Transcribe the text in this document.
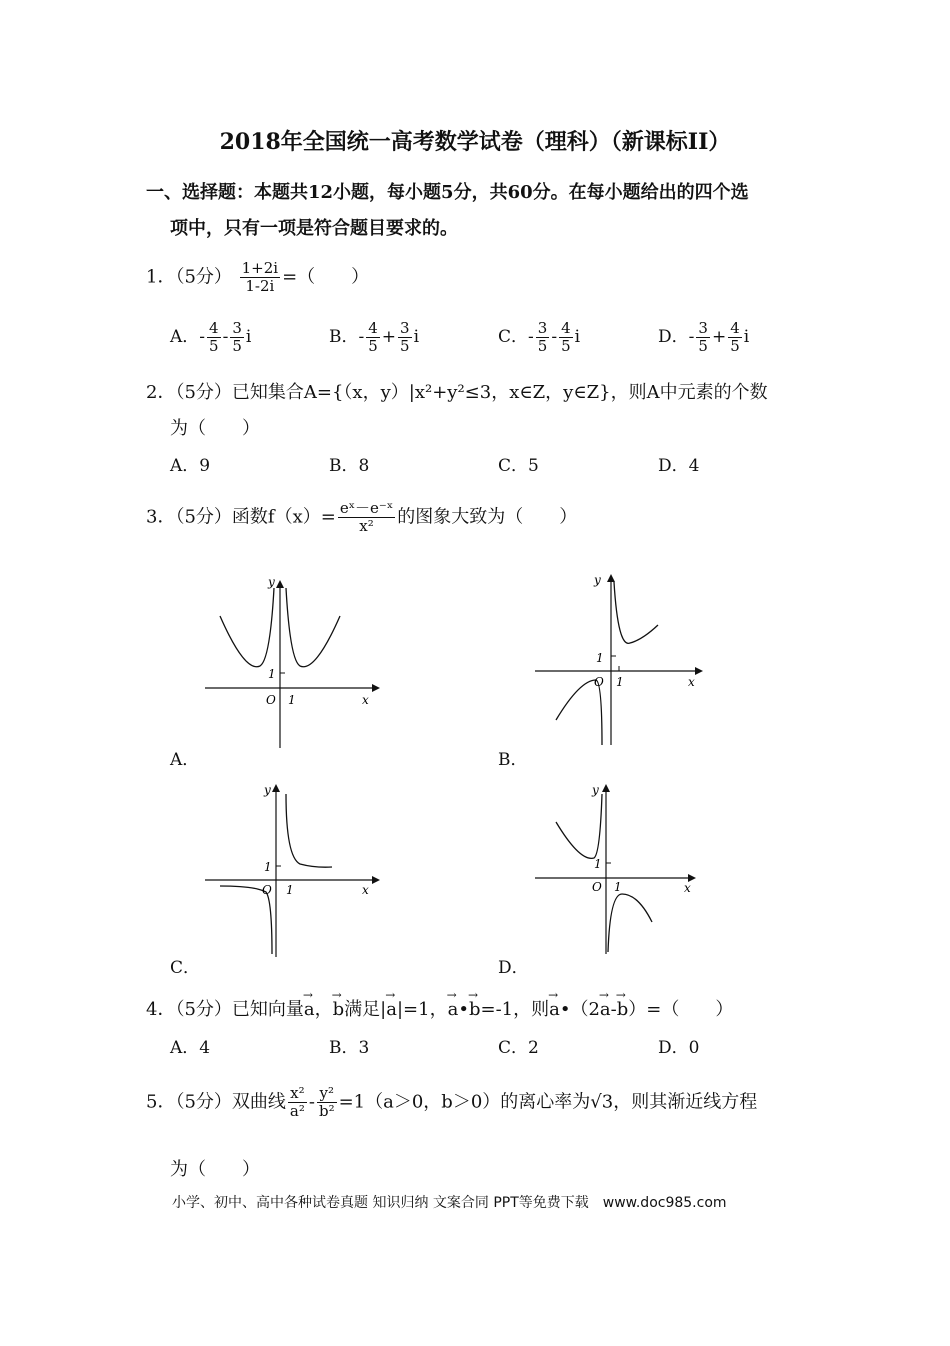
2018年全国统一高考数学试卷（理科）（新课标II）
一、选择题：本题共12小题，每小题5分，共60分。在每小题给出的四个选
项中，只有一项是符合题目要求的。
1．（5分） $\frac{1+2i}{1-2i}$ =（　　）
A．- $\frac{4}{5} - \frac{3}{5}$ i	B．- $\frac{4}{5} + \frac{3}{5}$ i	C．- $\frac{3}{5} - \frac{4}{5}$ i	D．- $\frac{3}{5} + \frac{4}{5}$ i
2．（5分）已知集合A={（x，y）|x²+y²≤3，x∈Z，y∈Z}，则A中元素的个数
为（　　）
A．9	B．8	C．5	D．4
3．（5分）函数$f(x)= \frac{\text{eˣ－e⁻ˣ}}{\text{x²}}$ 的图象大致为（　　）
y
x
O 1
1
A．
y
x
O 1
1
B．
y
x
O 1
1
C．
y
x
O 1
1
D．
4．（5分）已知向量→ a，→ b满足|→ a|=1，→ a•→ b=-1，则→ a•（2→ a-→ b）=（　　）
A．4	B．3	C．2	D．0
5．（5分）双曲线 $\frac{\text{x²}}{\text{a²}} - \frac{\text{y²}}{\text{b²}} =1(a>0$，b＞0）的离心率为√3，则其渐近线方程
为（　　）
小学、初中、高中各种试卷真题 知识归纳 文案合同 PPT等免费下载　www.doc985.com
